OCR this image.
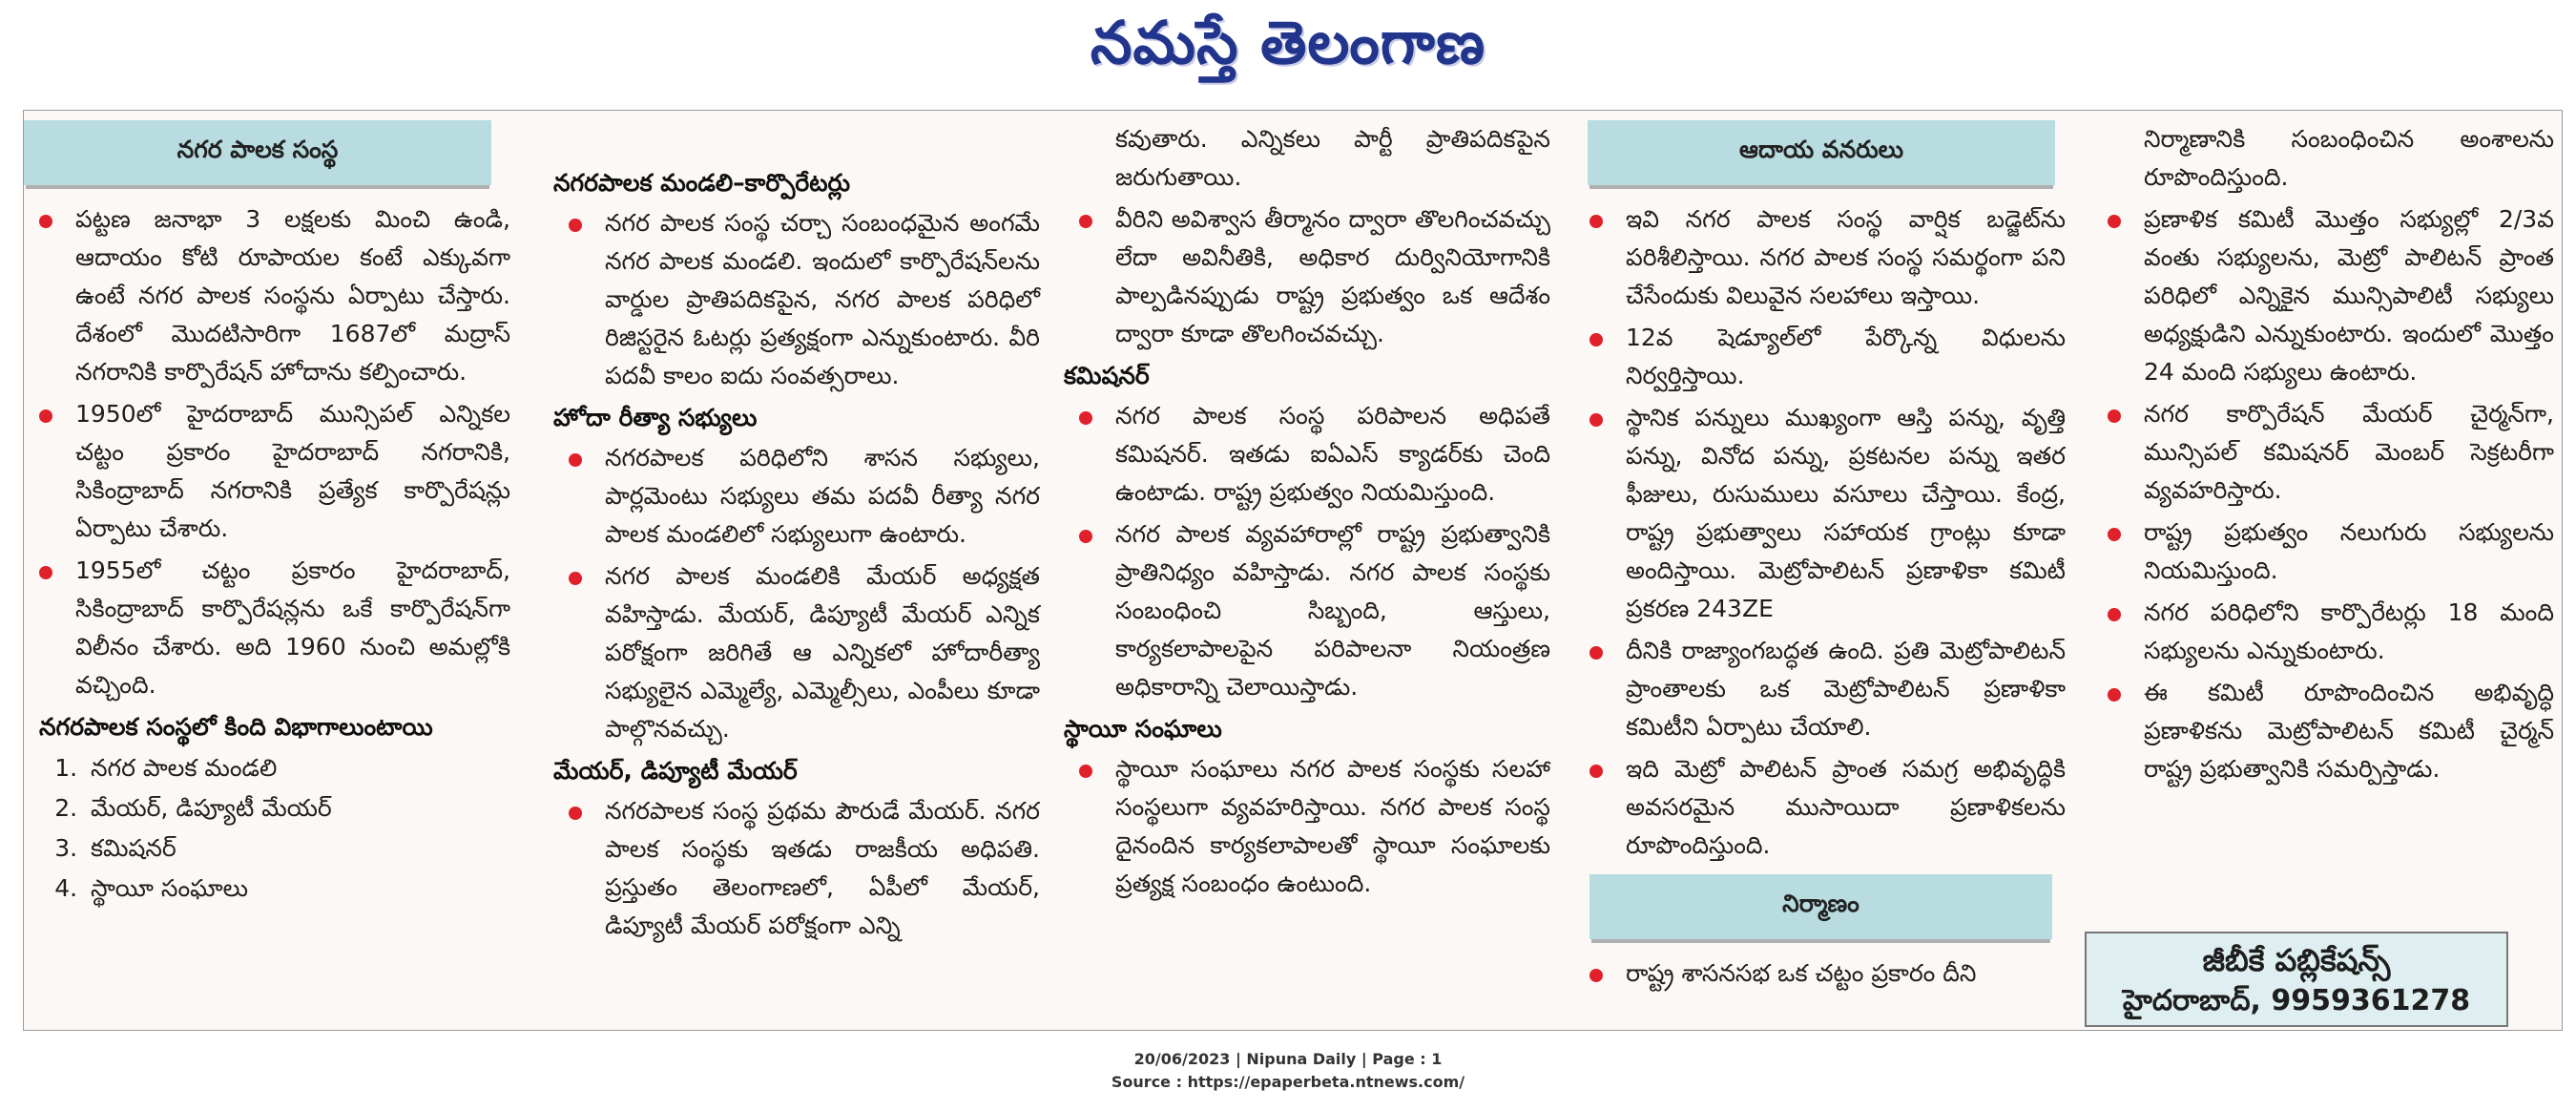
నమస్తే తెలంగాణ
నగర పాలక సంస్థ
పట్టణ జనాభా 3 లక్షలకు మించి ఉండి, ఆదాయం కోటి రూపాయల కంటే ఎక్కువగా ఉంటే నగర పాలక సంస్థను ఏర్పాటు చేస్తారు. దేశంలో మొదటిసారిగా 1687లో మద్రాస్ నగరానికి కార్పొరేషన్ హోదాను కల్పించారు.
1950లో హైదరాబాద్ మున్సిపల్ ఎన్నికల చట్టం ప్రకారం హైదరాబాద్ నగరానికి, సికింద్రాబాద్ నగరానికి ప్రత్యేక కార్పొరేషన్లు ఏర్పాటు చేశారు.
1955లో చట్టం ప్రకారం హైదరాబాద్, సికింద్రాబాద్ కార్పొరేషన్లను ఒకే కార్పొరేషన్‌గా విలీనం చేశారు. అది 1960 నుంచి అమల్లోకి వచ్చింది.
నగరపాలక సంస్థలో కింది విభాగాలుంటాయి
1. నగర పాలక మండలి
2. మేయర్, డిప్యూటీ మేయర్
3. కమిషనర్
4. స్థాయీ సంఘాలు
నగరపాలక మండలి–కార్పొరేటర్లు
నగర పాలక సంస్థ చర్చా సంబంధమైన అంగమే నగర పాలక మండలి. ఇందులో కార్పొరేషన్‌లను వార్డుల ప్రాతిపదికపైన, నగర పాలక పరిధిలో రిజిస్టరైన ఓటర్లు ప్రత్యక్షంగా ఎన్నుకుంటారు. వీరి పదవీ కాలం ఐదు సంవత్సరాలు.
హోదా రీత్యా సభ్యులు
నగరపాలక పరిధిలోని శాసన సభ్యులు, పార్లమెంటు సభ్యులు తమ పదవీ రీత్యా నగర పాలక మండలిలో సభ్యులుగా ఉంటారు.
నగర పాలక మండలికి మేయర్ అధ్యక్షత వహిస్తాడు. మేయర్, డిప్యూటీ మేయర్ ఎన్నిక పరోక్షంగా జరిగితే ఆ ఎన్నికలో హోదారీత్యా సభ్యులైన ఎమ్మెల్యే, ఎమ్మెల్సీలు, ఎంపీలు కూడా పాల్గొనవచ్చు.
మేయర్, డిప్యూటీ మేయర్
నగరపాలక సంస్థ ప్రథమ పౌరుడే మేయర్. నగర పాలక సంస్థకు ఇతడు రాజకీయ అధిపతి. ప్రస్తుతం తెలంగాణలో, ఏపీలో మేయర్, డిప్యూటీ మేయర్ పరోక్షంగా ఎన్ని
కవుతారు. ఎన్నికలు పార్టీ ప్రాతిపదికపైన జరుగుతాయి.
వీరిని అవిశ్వాస తీర్మానం ద్వారా తొలగించవచ్చు లేదా అవినీతికి, అధికార దుర్వినియోగానికి పాల్పడినప్పుడు రాష్ట్ర ప్రభుత్వం ఒక ఆదేశం ద్వారా కూడా తొలగించవచ్చు.
కమిషనర్
నగర పాలక సంస్థ పరిపాలన అధిపతే కమిషనర్. ఇతడు ఐఏఎస్ క్యాడర్‌కు చెంది ఉంటాడు. రాష్ట్ర ప్రభుత్వం నియమిస్తుంది.
నగర పాలక వ్యవహారాల్లో రాష్ట్ర ప్రభుత్వానికి ప్రాతినిధ్యం వహిస్తాడు. నగర పాలక సంస్థకు సంబంధించి సిబ్బంది, ఆస్తులు, కార్యకలాపాలపైన పరిపాలనా నియంత్రణ అధికారాన్ని చెలాయిస్తాడు.
స్థాయీ సంఘాలు
స్థాయీ సంఘాలు నగర పాలక సంస్థకు సలహా సంస్థలుగా వ్యవహరిస్తాయి. నగర పాలక సంస్థ దైనందిన కార్యకలాపాలతో స్థాయీ సంఘాలకు ప్రత్యక్ష సంబంధం ఉంటుంది.
ఆదాయ వనరులు
ఇవి నగర పాలక సంస్థ వార్షిక బడ్జెట్‌ను పరిశీలిస్తాయి. నగర పాలక సంస్థ సమర్థంగా పని చేసేందుకు విలువైన సలహాలు ఇస్తాయి.
12వ షెడ్యూల్‌లో పేర్కొన్న విధులను నిర్వర్తిస్తాయి.
స్థానిక పన్నులు ముఖ్యంగా ఆస్తి పన్ను, వృత్తి పన్ను, వినోద పన్ను, ప్రకటనల పన్ను ఇతర ఫీజులు, రుసుములు వసూలు చేస్తాయి. కేంద్ర, రాష్ట్ర ప్రభుత్వాలు సహాయక గ్రాంట్లు కూడా అందిస్తాయి. మెట్రోపాలిటన్ ప్రణాళికా కమిటీ ప్రకరణ 243ZE
దీనికి రాజ్యాంగబద్ధత ఉంది. ప్రతి మెట్రోపాలిటన్ ప్రాంతాలకు ఒక మెట్రోపాలిటన్ ప్రణాళికా కమిటీని ఏర్పాటు చేయాలి.
ఇది మెట్రో పాలిటన్ ప్రాంత సమగ్ర అభివృద్ధికి అవసరమైన ముసాయిదా ప్రణాళికలను రూపొందిస్తుంది.
నిర్మాణం
రాష్ట్ర శాసనసభ ఒక చట్టం ప్రకారం దీని
నిర్మాణానికి సంబంధించిన అంశాలను రూపొందిస్తుంది.
ప్రణాళిక కమిటీ మొత్తం సభ్యుల్లో 2/3వ వంతు సభ్యులను, మెట్రో పాలిటన్ ప్రాంత పరిధిలో ఎన్నికైన మున్సిపాలిటీ సభ్యులు అధ్యక్షుడిని ఎన్నుకుంటారు. ఇందులో మొత్తం 24 మంది సభ్యులు ఉంటారు.
నగర కార్పొరేషన్ మేయర్ చైర్మన్‌గా, మున్సిపల్ కమిషనర్ మెంబర్ సెక్రటరీగా వ్యవహరిస్తారు.
రాష్ట్ర ప్రభుత్వం నలుగురు సభ్యులను నియమిస్తుంది.
నగర పరిధిలోని కార్పొరేటర్లు 18 మంది సభ్యులను ఎన్నుకుంటారు.
ఈ కమిటీ రూపొందించిన అభివృద్ధి ప్రణాళికను మెట్రోపాలిటన్ కమిటీ చైర్మన్ రాష్ట్ర ప్రభుత్వానికి సమర్పిస్తాడు.
జీబీకే పబ్లికేషన్స్
హైదరాబాద్, 9959361278
20/06/2023 | Nipuna Daily | Page : 1
Source : https://epaperbeta.ntnews.com/
